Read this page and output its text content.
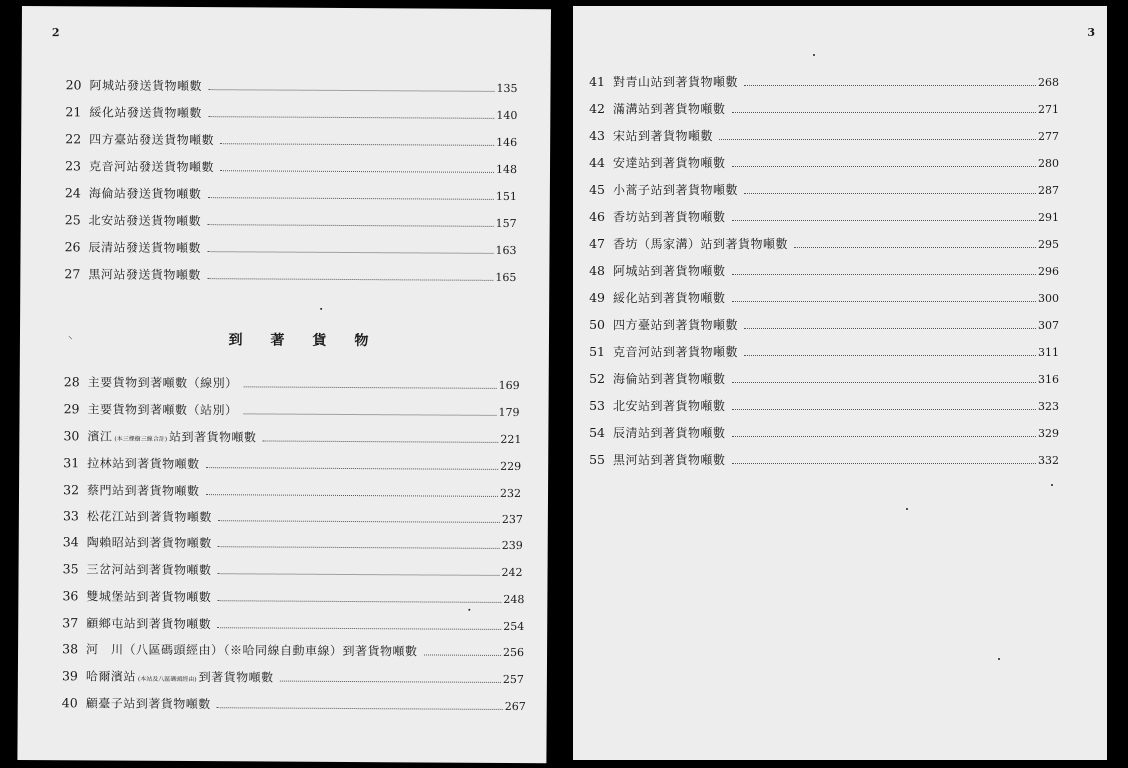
2
20 阿城站發送貨物噸數	135
21 綏化站發送貨物噸數	140
22 四方臺站發送貨物噸數	146
23 克音河站發送貨物噸數	148
24 海倫站發送貨物噸數	151
25 北安站發送貨物噸數	157
26 辰清站發送貨物噸數	163
27 黒河站發送貨物噸數	165
⸌	到著貨物
28 主要貨物到著噸數（線別）	169
29 主要貨物到著噸數（站別）	179
30 濱江 (本三棵樹三線合計) 站到著貨物噸數	221
31 拉林站到著貨物噸數	229
32 蔡門站到著貨物噸數	232
33 松花江站到著貨物噸數	237
34 陶賴昭站到著貨物噸數	239
35 三岔河站到著貨物噸數	242
36 雙城堡站到著貨物噸數	248
37 顧鄉屯站到著貨物噸數	254
38 河　川（八區碼頭經由）（※哈同線自動車線）到著貨物噸數	256
39 哈爾濱站 (本站及八區碼頭經由) 到著貨物噸數	257
40 顧臺子站到著貨物噸數	267
3
41 對青山站到著貨物噸數	268
42 滿溝站到著貨物噸數	271
43 宋站到著貨物噸數	277
44 安達站到著貨物噸數	280
45 小蒿子站到著貨物噸數	287
46 香坊站到著貨物噸數	291
47 香坊（馬家溝）站到著貨物噸數	295
48 阿城站到著貨物噸數	296
49 綏化站到著貨物噸數	300
50 四方臺站到著貨物噸數	307
51 克音河站到著貨物噸數	311
52 海倫站到著貨物噸數	316
53 北安站到著貨物噸數	323
54 辰清站到著貨物噸數	329
55 黒河站到著貨物噸數	332
